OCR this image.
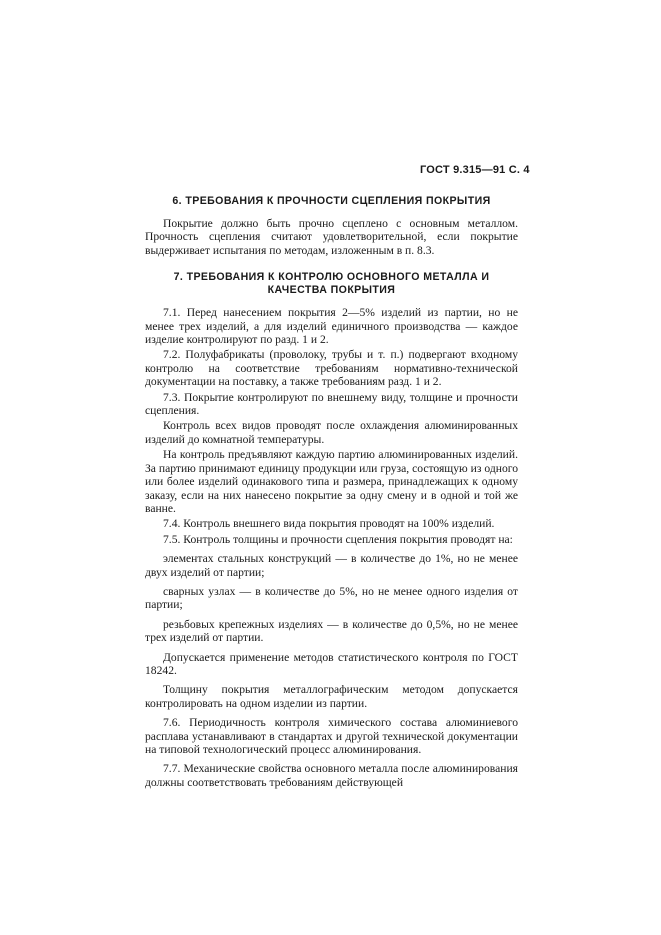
ГОСТ 9.315—91 С. 4
6. ТРЕБОВАНИЯ К ПРОЧНОСТИ СЦЕПЛЕНИЯ ПОКРЫТИЯ

Покрытие должно быть прочно сцеплено с основным металлом. Прочность сцепления считают удовлетворительной, если покрытие выдерживает испытания по методам, изложенным в п. 8.3.

7. ТРЕБОВАНИЯ К КОНТРОЛЮ ОСНОВНОГО МЕТАЛЛА И КАЧЕСТВА ПОКРЫТИЯ

7.1. Перед нанесением покрытия 2—5% изделий из партии, но не менее трех изделий, а для изделий единичного производства — каждое изделие контролируют по разд. 1 и 2.

7.2. Полуфабрикаты (проволоку, трубы и т. п.) подвергают входному контролю на соответствие требованиям нормативно-технической документации на поставку, а также требованиям разд. 1 и 2.

7.3. Покрытие контролируют по внешнему виду, толщине и прочности сцепления.

Контроль всех видов проводят после охлаждения алюминированных изделий до комнатной температуры.

На контроль предъявляют каждую партию алюминированных изделий. За партию принимают единицу продукции или груза, состоящую из одного или более изделий одинакового типа и размера, принадлежащих к одному заказу, если на них нанесено покрытие за одну смену и в одной и той же ванне.

7.4. Контроль внешнего вида покрытия проводят на 100% изделий.

7.5. Контроль толщины и прочности сцепления покрытия проводят на:

элементах стальных конструкций — в количестве до 1%, но не менее двух изделий от партии;

сварных узлах — в количестве до 5%, но не менее одного изделия от партии;

резьбовых крепежных изделиях — в количестве до 0,5%, но не менее трех изделий от партии.

Допускается применение методов статистического контроля по ГОСТ 18242.

Толщину покрытия металлографическим методом допускается контролировать на одном изделии из партии.

7.6. Периодичность контроля химического состава алюминиевого расплава устанавливают в стандартах и другой технической документации на типовой технологический процесс алюминирования.

7.7. Механические свойства основного металла после алюминирования должны соответствовать требованиям действующей
